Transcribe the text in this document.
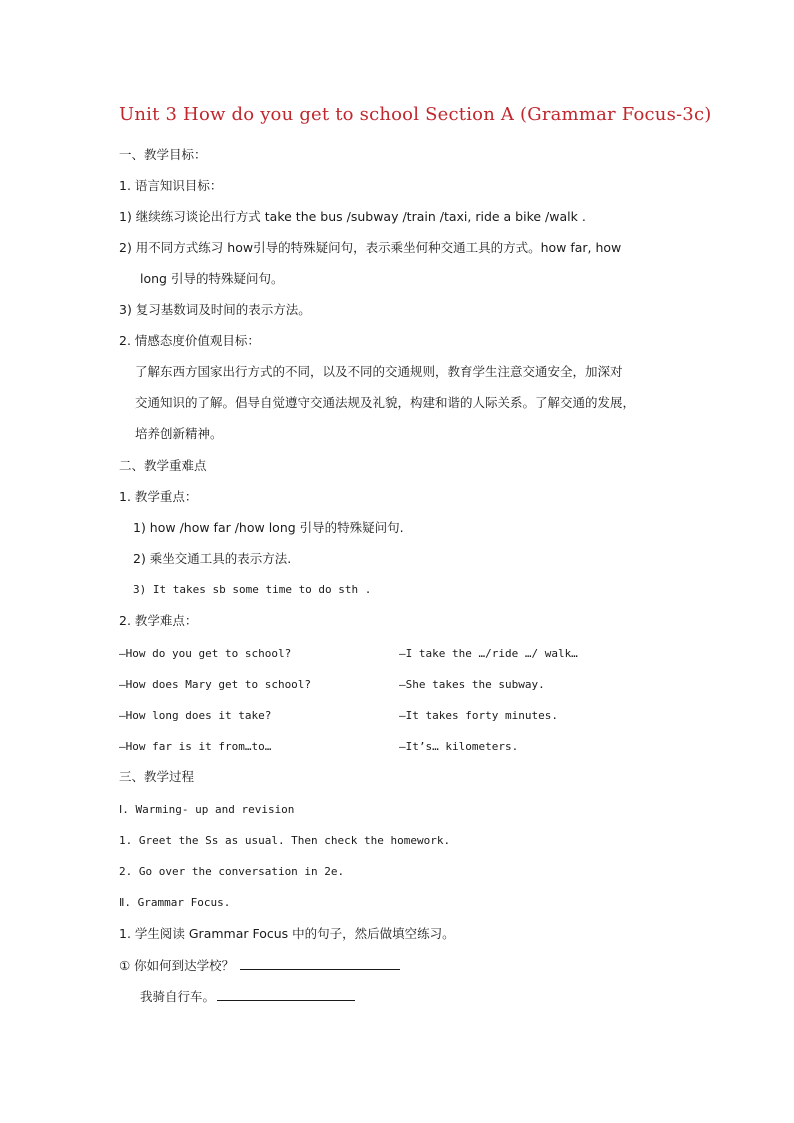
Unit 3 How do you get to school Section A (Grammar Focus-3c)
一、教学目标：
1. 语言知识目标：
1) 继续练习谈论出行方式 take the bus /subway /train /taxi, ride a bike /walk .
2) 用不同方式练习 how引导的特殊疑问句，表示乘坐何种交通工具的方式。how far, how
long 引导的特殊疑问句。
3) 复习基数词及时间的表示方法。
2. 情感态度价值观目标：
了解东西方国家出行方式的不同，以及不同的交通规则，教育学生注意交通安全，加深对
交通知识的了解。倡导自觉遵守交通法规及礼貌，构建和谐的人际关系。了解交通的发展，
培养创新精神。
二、教学重难点
1. 教学重点：
1) how /how far /how long 引导的特殊疑问句.
2) 乘坐交通工具的表示方法.
3) It takes sb some time to do sth .
2. 教学难点：
—How do you get to school?	—I take the …/ride …/ walk…
—How does Mary get to school?	—She takes the subway.
—How long does it take?	—It takes forty minutes.
—How far is it from…to…	—It’s… kilometers.
三、教学过程
Ⅰ. Warming- up and revision
1. Greet the Ss as usual. Then check the homework.
2. Go over the conversation in 2e.
Ⅱ. Grammar Focus.
1. 学生阅读 Grammar Focus 中的句子，然后做填空练习。
① 你如何到达学校？
我骑自行车。
